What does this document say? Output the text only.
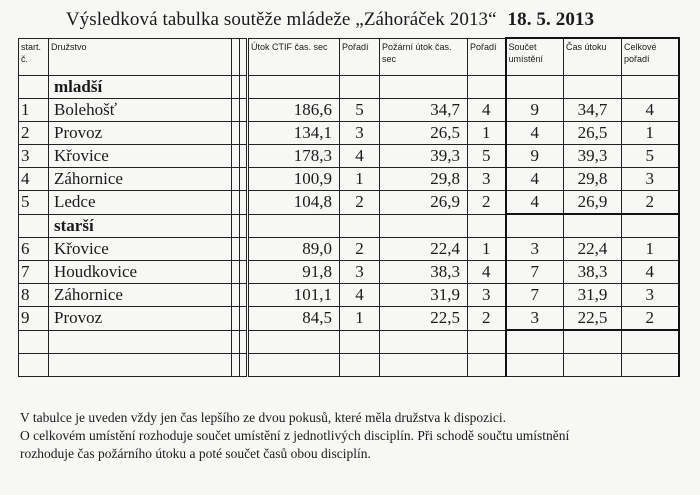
Výsledková tabulka soutěže mládeže „Záhoráček 2013“ 18. 5. 2013
start. č.	Družstvo			Útok CTIF čas. sec	Pořadí	Požární útok čas. sec	Pořadí	Součet umístění	Čas útoku	Celkové pořadí
	mladší									
1	Bolehošť			186,6	5	34,7	4	9	34,7	4
2	Provoz			134,1	3	26,5	1	4	26,5	1
3	Křovice			178,3	4	39,3	5	9	39,3	5
4	Záhornice			100,9	1	29,8	3	4	29,8	3
5	Ledce			104,8	2	26,9	2	4	26,9	2
	starší									
6	Křovice			89,0	2	22,4	1	3	22,4	1
7	Houdkovice			91,8	3	38,3	4	7	38,3	4
8	Záhornice			101,1	4	31,9	3	7	31,9	3
9	Provoz			84,5	1	22,5	2	3	22,5	2

V tabulce je uveden vždy jen čas lepšího ze dvou pokusů, které měla družstva k dispozici.

O celkovém umístění rozhoduje součet umístění z jednotlivých disciplín. Při schodě součtu umístnění

rozhoduje čas požárního útoku a poté součet časů obou disciplín.
